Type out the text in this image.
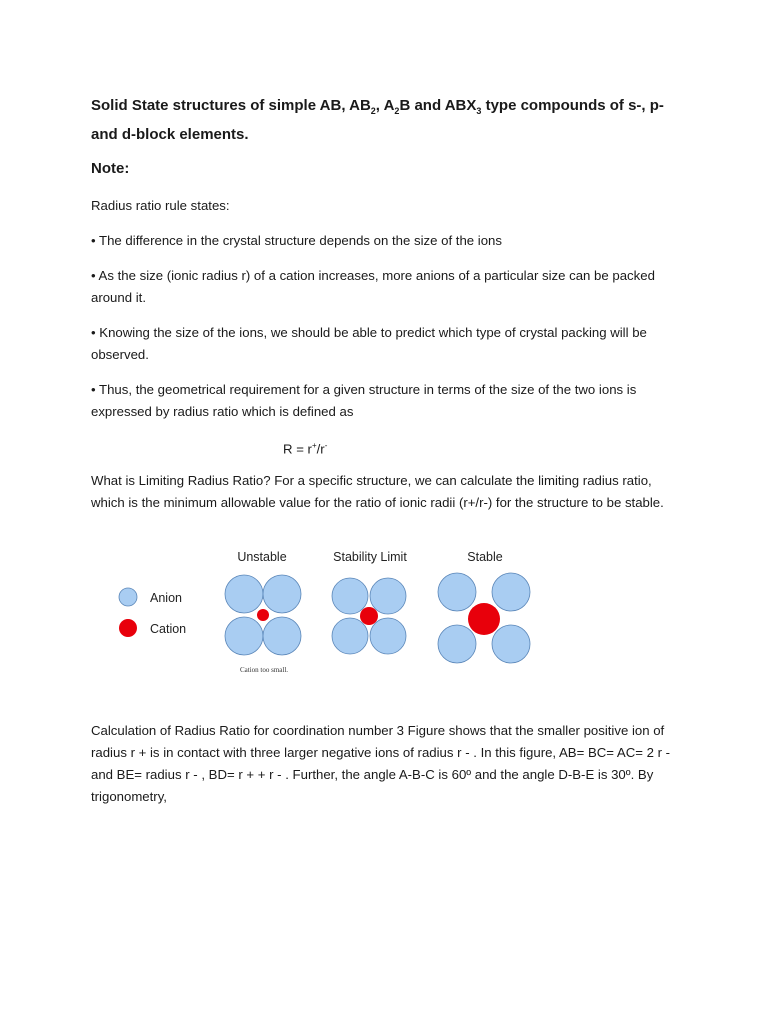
Solid State structures of simple AB, $AB_2$, $A_2B$ and $ABX_3$ type compounds of s-, p- and d-block elements.
Note:

Radius ratio rule states:

• The difference in the crystal structure depends on the size of the ions

• As the size (ionic radius r) of a cation increases, more anions of a particular size can be packed around it.

• Knowing the size of the ions, we should be able to predict which type of crystal packing will be observed.

• Thus, the geometrical requirement for a given structure in terms of the size of the two ions is expressed by radius ratio which is defined as

R = r+/r-

What is Limiting Radius Ratio? For a specific structure, we can calculate the limiting radius ratio, which is the minimum allowable value for the ratio of ionic radii (r+/r-) for the structure to be stable.

Calculation of Radius Ratio for coordination number 3 Figure shows that the smaller positive ion of radius r + is in contact with three larger negative ions of radius r - . In this figure, AB= BC= AC= 2 r - and BE= radius r - , BD= r + + r - . Further, the angle A-B-C is 60º and the angle D-B-E is 30º. By trigonometry,

Anion
Cation
Unstable	Stability Limit	Stable
Cation too small.
